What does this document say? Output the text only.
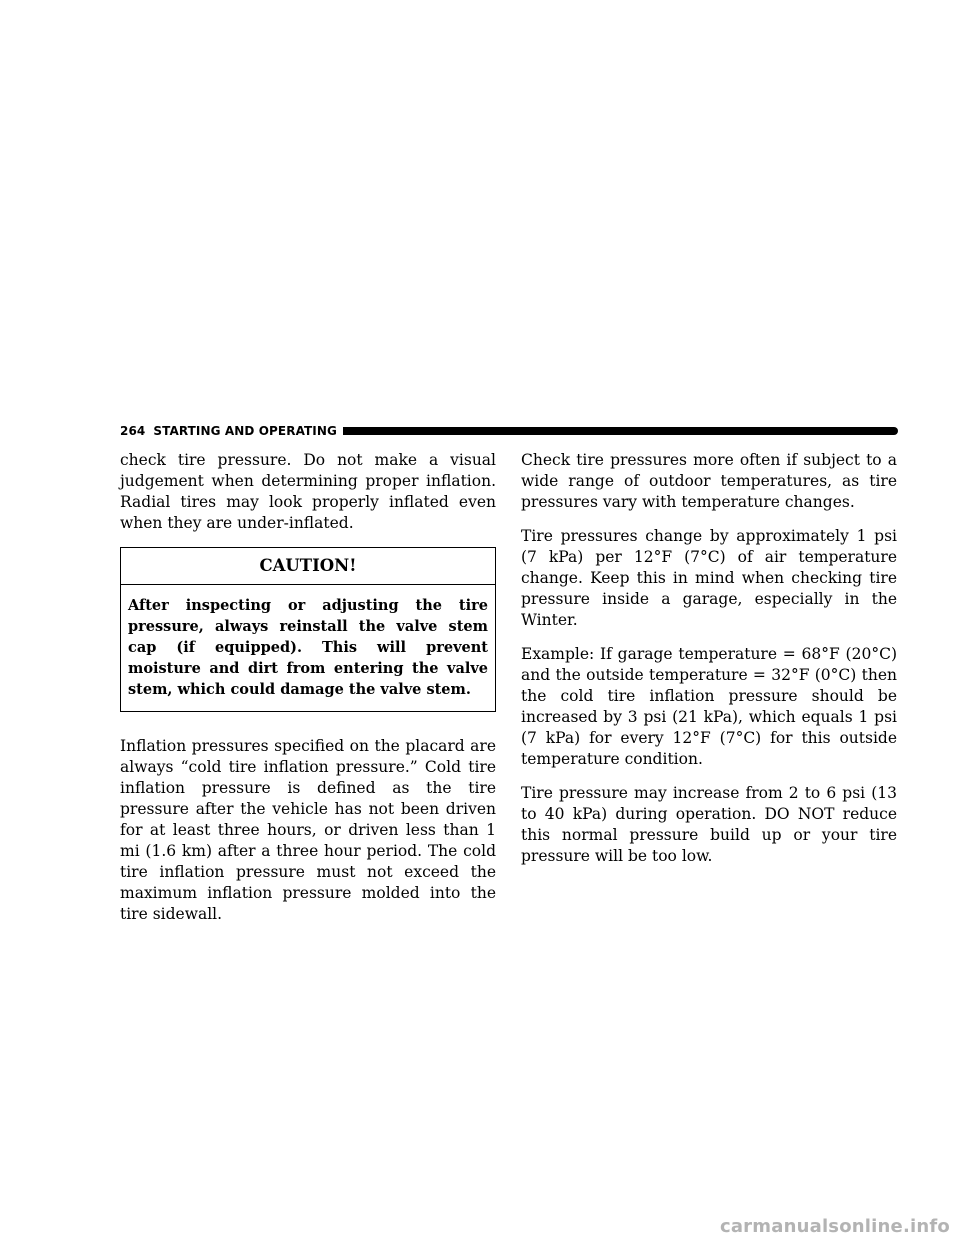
264 STARTING AND OPERATING

check tire pressure. Do not make a visual judgement when determining proper inflation. Radial tires may look properly inflated even when they are under-inflated.

CAUTION!

After inspecting or adjusting the tire pressure, always reinstall the valve stem cap (if equipped). This will prevent moisture and dirt from entering the valve stem, which could damage the valve stem.

Inflation pressures specified on the placard are always “cold tire inflation pressure.” Cold tire inflation pressure is defined as the tire pressure after the vehicle has not been driven for at least three hours, or driven less than 1 mi (1.6 km) after a three hour period. The cold tire inflation pressure must not exceed the maximum inflation pressure molded into the tire sidewall.

Check tire pressures more often if subject to a wide range of outdoor temperatures, as tire pressures vary with temperature changes.

Tire pressures change by approximately 1 psi (7 kPa) per 12°F (7°C) of air temperature change. Keep this in mind when checking tire pressure inside a garage, especially in the Winter.

Example: If garage temperature = 68°F (20°C) and the outside temperature = 32°F (0°C) then the cold tire inflation pressure should be increased by 3 psi (21 kPa), which equals 1 psi (7 kPa) for every 12°F (7°C) for this outside temperature condition.

Tire pressure may increase from 2 to 6 psi (13 to 40 kPa) during operation. DO NOT reduce this normal pressure build up or your tire pressure will be too low.

carmanualsonline.info
